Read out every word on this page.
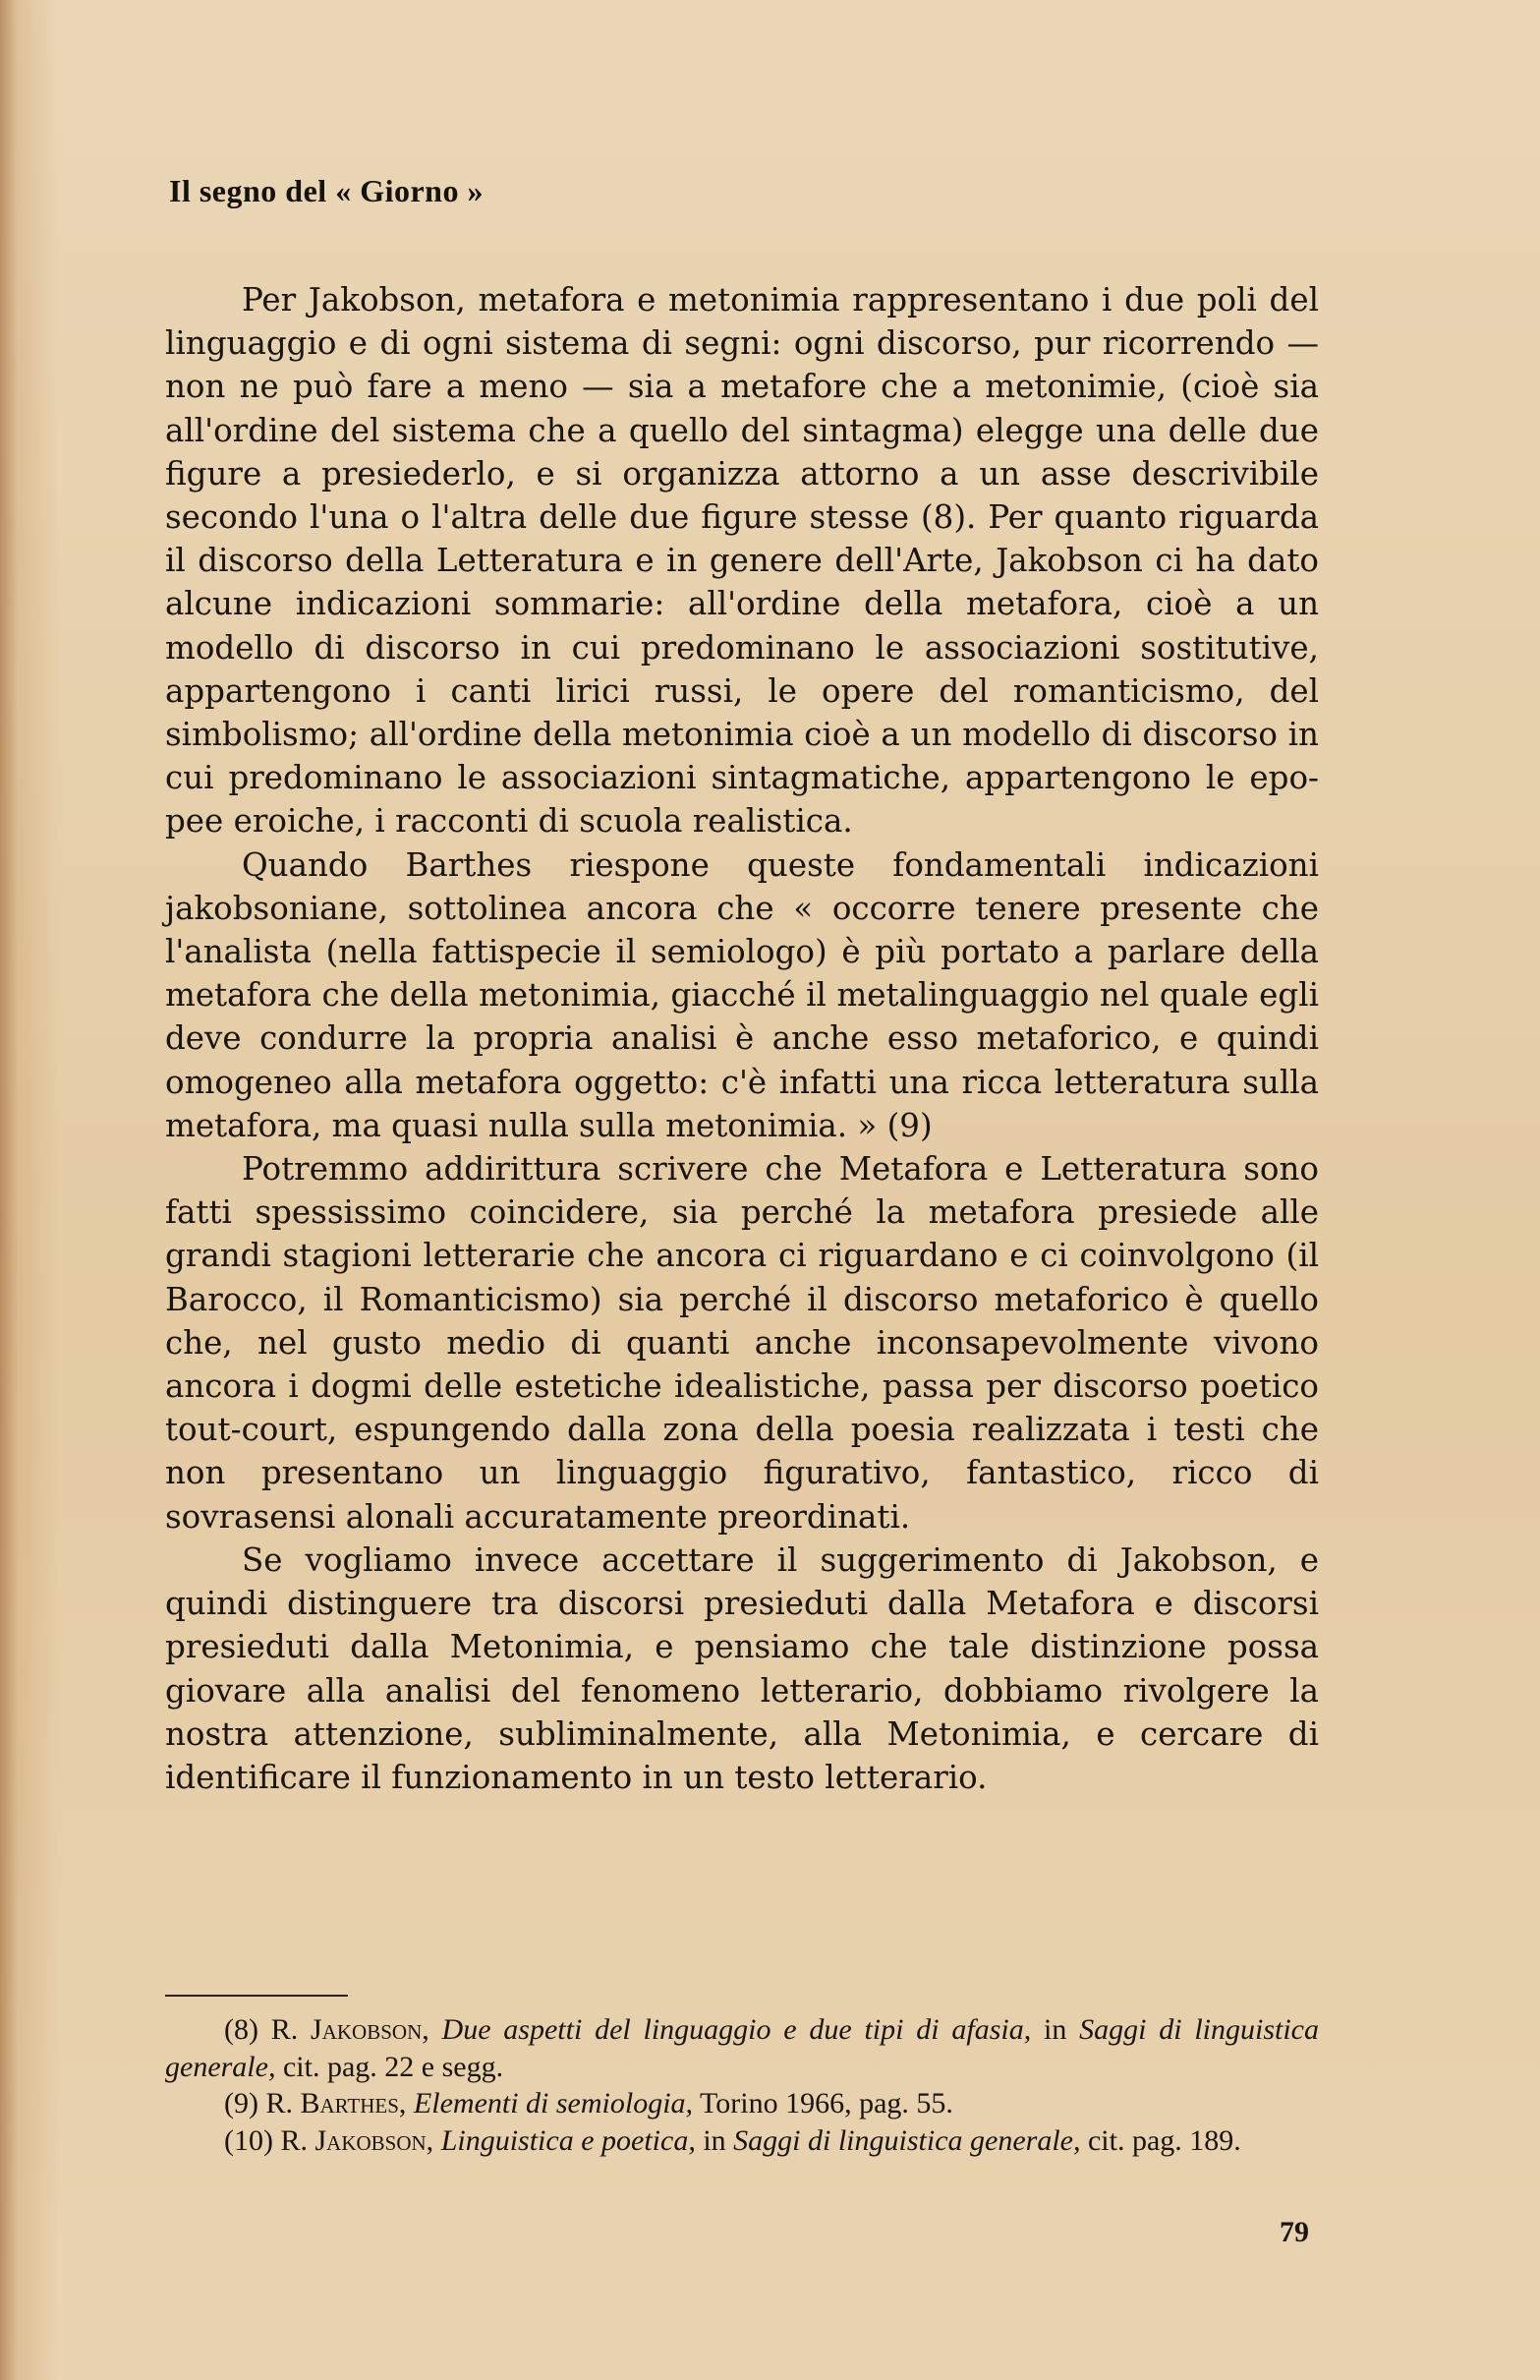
Il segno del « Giorno »

Per Jakobson, metafora e metonimia rappresentano i due poli del linguaggio e di ogni sistema di segni: ogni discorso, pur ricorrendo — non ne può fare a meno — sia a metafore che a metonimie, (cioè sia all'ordine del sistema che a quello del sintagma) elegge una delle due figure a presiederlo, e si organizza attorno a un asse descrivibile secondo l'una o l'altra delle due figure stesse (8). Per quanto riguarda il discorso della Letteratura e in genere dell'Arte, Jakobson ci ha dato alcune indicazioni sommarie: all'ordine della metafora, cioè a un modello di discorso in cui predominano le associazioni sostitutive, appartengono i canti lirici russi, le opere del romanticismo, del simbolismo; all'ordine della metonimia cioè a un modello di discorso in cui predominano le associazioni sintagmatiche, appartengono le epopee eroiche, i racconti di scuola realistica.

Quando Barthes riespone queste fondamentali indicazioni jakobsoniane, sottolinea ancora che « occorre tenere presente che l'analista (nella fattispecie il semiologo) è più portato a parlare della metafora che della metonimia, giacché il metalinguaggio nel quale egli deve condurre la propria analisi è anche esso metaforico, e quindi omogeneo alla metafora oggetto: c'è infatti una ricca letteratura sulla metafora, ma quasi nulla sulla metonimia. » (9)

Potremmo addirittura scrivere che Metafora e Letteratura sono fatti spessissimo coincidere, sia perché la metafora presiede alle grandi stagioni letterarie che ancora ci riguardano e ci coinvolgono (il Barocco, il Romanticismo) sia perché il discorso metaforico è quello che, nel gusto medio di quanti anche inconsapevolmente vivono ancora i dogmi delle estetiche idealistiche, passa per discorso poetico tout-court, espungendo dalla zona della poesia realizzata i testi che non presentano un linguaggio figurativo, fantastico, ricco di sovrasensi alonali accuratamente preordinati.

Se vogliamo invece accettare il suggerimento di Jakobson, e quindi distinguere tra discorsi presieduti dalla Metafora e discorsi presieduti dalla Metonimia, e pensiamo che tale distinzione possa giovare alla analisi del fenomeno letterario, dobbiamo rivolgere la nostra attenzione, subliminalmente, alla Metonimia, e cercare di identificare il funzionamento in un testo letterario.

(8) R. Jakobson, Due aspetti del linguaggio e due tipi di afasia, in Saggi di linguistica generale, cit. pag. 22 e segg.

(9) R. Barthes, Elementi di semiologia, Torino 1966, pag. 55.

(10) R. Jakobson, Linguistica e poetica, in Saggi di linguistica generale, cit. pag. 189.

79
